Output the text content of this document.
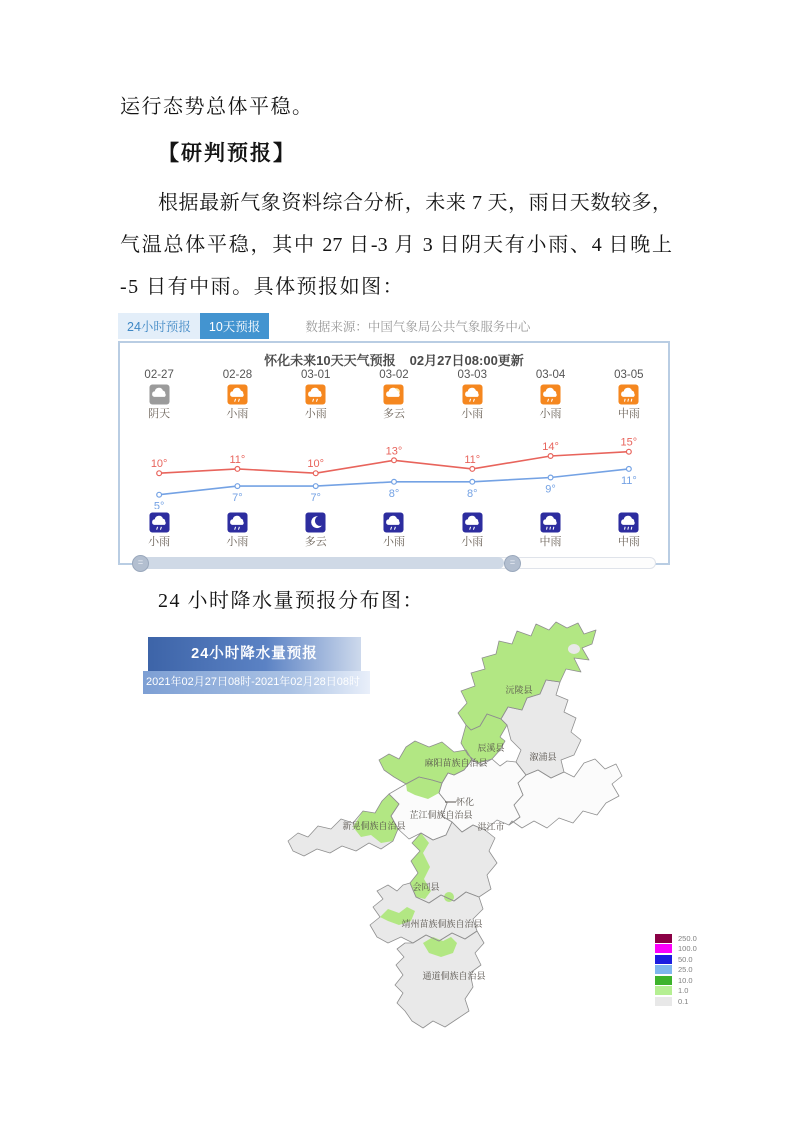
运行态势总体平稳。
【研判预报】
根据最新气象资料综合分析，未来 7 天，雨日天数较多，
气温总体平稳，其中 27 日-3 月 3 日阴天有小雨、4 日晚上
-5 日有中雨。具体预报如图：
24 小时降水量预报分布图：
24小时预报	10天预报	数据来源：中国气象局公共气象服务中心
怀化未来10天天气预报 02月27日08:00更新
02-27
阴天
02-28
小雨
03-01
小雨
03-02
多云
03-03
小雨
03-04
小雨
03-05
中雨
10°	11°	10°
13°
11°
14°	15°
5°
7°	7°	8°	8°	9°
11°
小雨	小雨	多云	小雨	小雨	中雨	中雨
=	=
24小时降水量预报
2021年02月27日08时-2021年02月28日08时
沅陵县
辰溪县
溆浦县
麻阳苗族自治县
怀化
芷江侗族自治县
洪江市
新晃侗族自治县
会同县
靖州苗族侗族自治县
通道侗族自治县
250.0
100.0
50.0
25.0
10.0
1.0
0.1
